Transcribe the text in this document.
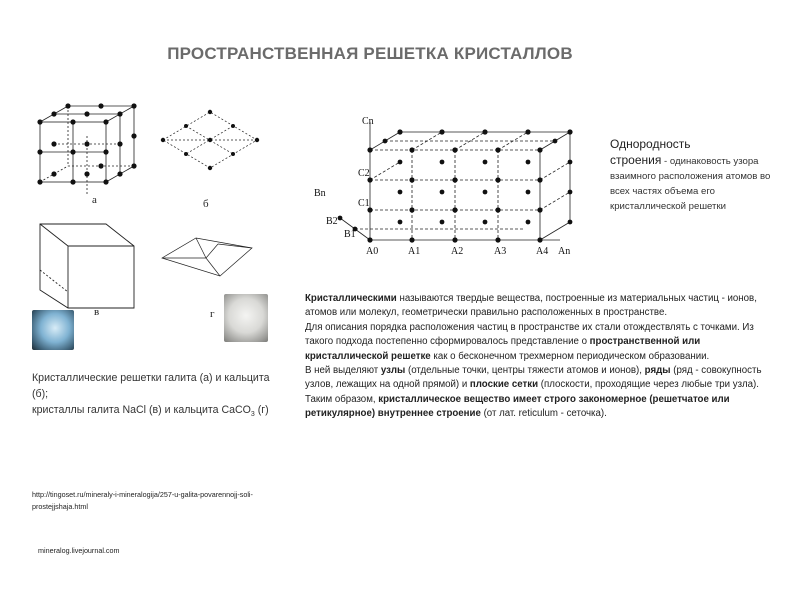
ПРОСТРАНСТВЕННАЯ РЕШЕТКА КРИСТАЛЛОВ
а	б
в	г
Cn
C2
C1
Bn
B2
B1
A0	A1	A2	A3	A4 An
Однородность
строения - одинаковость узора взаимного расположения атомов во всех частях объема его кристаллической решетки

Кристаллическими называются твердые вещества, построенные из материальных частиц - ионов, атомов или молекул, геометрически правильно расположенных в пространстве.

Для описания порядка расположения частиц в пространстве их стали отождествлять с точками. Из такого подхода постепенно сформировалось представление о пространственной или кристаллической решетке как о бесконечном трехмерном периодическом образовании.

В ней выделяют узлы (отдельные точки, центры тяжести атомов и ионов), ряды (ряд - совокупность узлов, лежащих на одной прямой) и плоские сетки (плоскости, проходящие через любые три узла). Таким образом, кристаллическое вещество имеет строго закономерное (решетчатое или ретикулярное) внутреннее строение (от лат. reticulum - сеточка).

Кристаллические решетки галита (а) и кальцита (б);
кристаллы галита NaCl (в) и кальцита CaCO$_3$ (г)
http://tingoset.ru/mineraly-i-mineralogija/257-u-galita-povarennojj-soli-prostejjshaja.html
mineralog.livejournal.com
